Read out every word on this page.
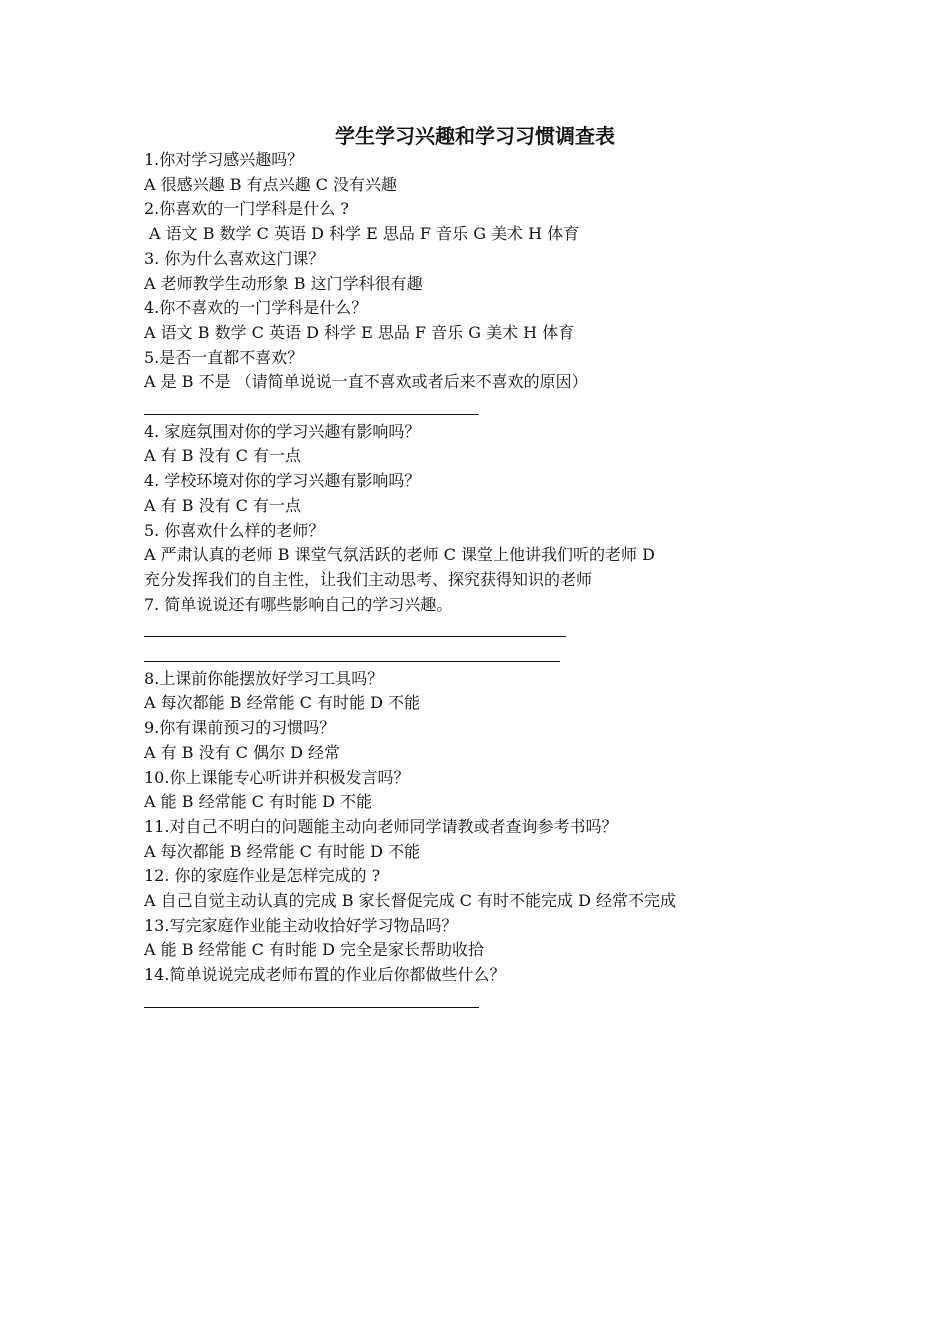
学生学习兴趣和学习习惯调查表
1.你对学习感兴趣吗？
A 很感兴趣 B 有点兴趣 C 没有兴趣
2.你喜欢的一门学科是什么 ?
A 语文 B 数学 C 英语 D 科学 E 思品 F 音乐 G 美术 H 体育
3. 你为什么喜欢这门课？
A 老师教学生动形象 B 这门学科很有趣
4.你不喜欢的一门学科是什么？
A 语文 B 数学 C 英语 D 科学 E 思品 F 音乐 G 美术 H 体育
5.是否一直都不喜欢？
A 是 B 不是 （请简单说说一直不喜欢或者后来不喜欢的原因）
4. 家庭氛围对你的学习兴趣有影响吗？
A 有 B 没有 C 有一点
4. 学校环境对你的学习兴趣有影响吗？
A 有 B 没有 C 有一点
5. 你喜欢什么样的老师？
A 严肃认真的老师 B 课堂气氛活跃的老师 C 课堂上他讲我们听的老师 D
充分发挥我们的自主性，让我们主动思考、探究获得知识的老师
7. 简单说说还有哪些影响自己的学习兴趣。
8.上课前你能摆放好学习工具吗？
A 每次都能 B 经常能 C 有时能 D 不能
9.你有课前预习的习惯吗？
A 有 B 没有 C 偶尔 D 经常
10.你上课能专心听讲并积极发言吗？
A 能 B 经常能 C 有时能 D 不能
11.对自己不明白的问题能主动向老师同学请教或者查询参考书吗？
A 每次都能 B 经常能 C 有时能 D 不能
12. 你的家庭作业是怎样完成的 ?
A 自己自觉主动认真的完成 B 家长督促完成 C 有时不能完成 D 经常不完成
13.写完家庭作业能主动收拾好学习物品吗？
A 能 B 经常能 C 有时能 D 完全是家长帮助收拾
14.简单说说完成老师布置的作业后你都做些什么？
